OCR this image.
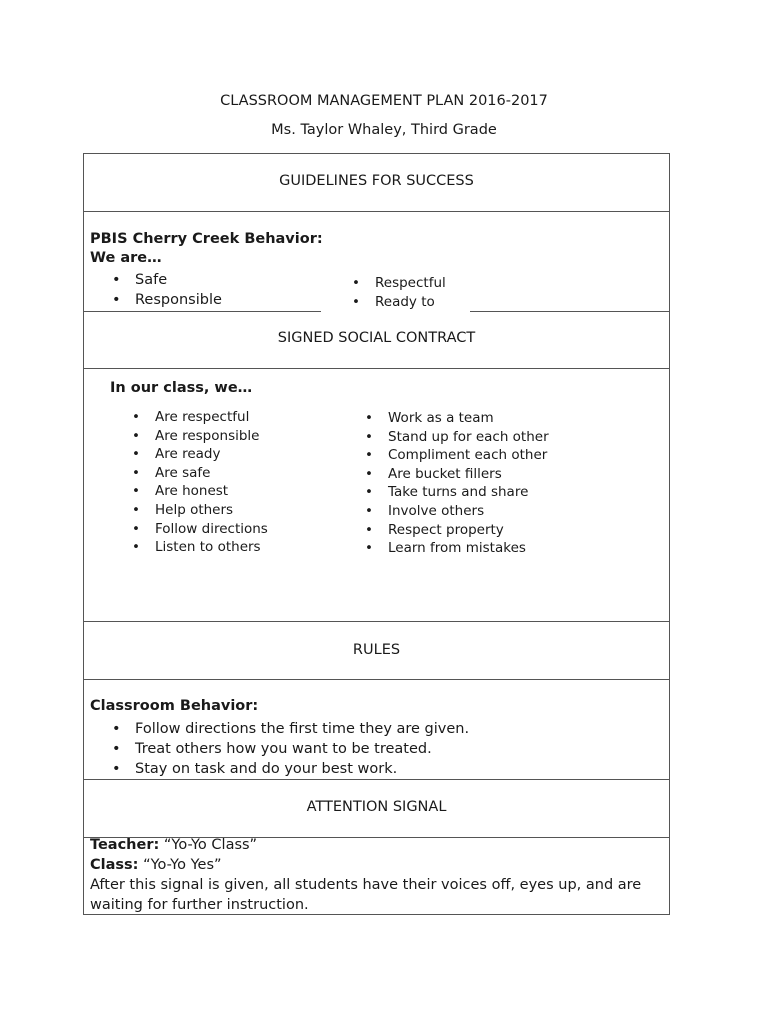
CLASSROOM MANAGEMENT PLAN 2016-2017
Ms. Taylor Whaley, Third Grade
GUIDELINES FOR SUCCESS
PBIS Cherry Creek Behavior:
We are…
• Safe
• Responsible
• Respectful
• Ready to
SIGNED SOCIAL CONTRACT
In our class, we…
• Are respectful
• Are responsible
• Are ready
• Are safe
• Are honest
• Help others
• Follow directions
• Listen to others
• Work as a team
• Stand up for each other
• Compliment each other
• Are bucket fillers
• Take turns and share
• Involve others
• Respect property
• Learn from mistakes
RULES
Classroom Behavior:
• Follow directions the first time they are given.
• Treat others how you want to be treated.
• Stay on task and do your best work.
ATTENTION SIGNAL
Teacher: “Yo-Yo Class”
Class: “Yo-Yo Yes”
After this signal is given, all students have their voices off, eyes up, and are
waiting for further instruction.
